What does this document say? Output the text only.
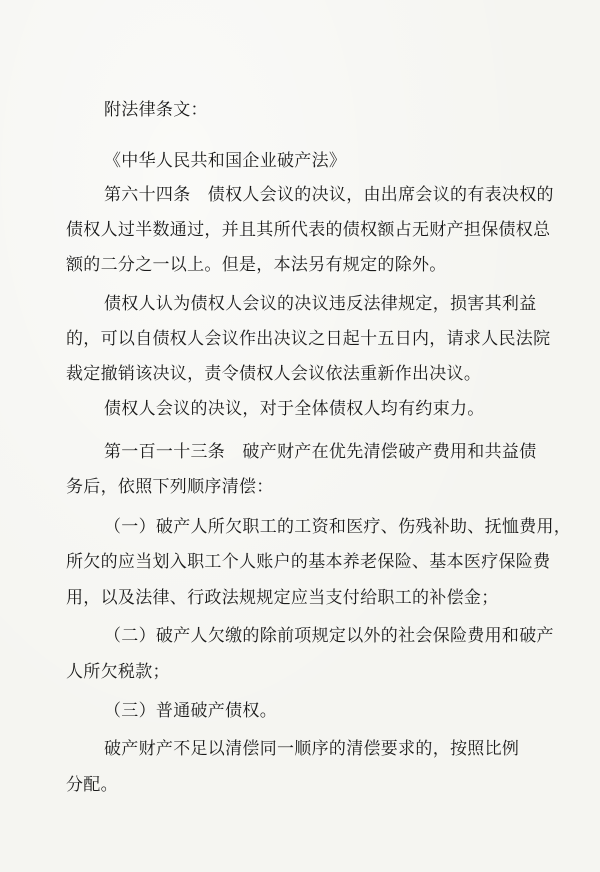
附法律条文：
《中华人民共和国企业破产法》
第六十四条　债权人会议的决议，由出席会议的有表决权的
债权人过半数通过，并且其所代表的债权额占无财产担保债权总
额的二分之一以上。但是，本法另有规定的除外。
债权人认为债权人会议的决议违反法律规定，损害其利益
的，可以自债权人会议作出决议之日起十五日内，请求人民法院
裁定撤销该决议，责令债权人会议依法重新作出决议。
债权人会议的决议，对于全体债权人均有约束力。
第一百一十三条　破产财产在优先清偿破产费用和共益债
务后，依照下列顺序清偿：
（一）破产人所欠职工的工资和医疗、伤残补助、抚恤费用，
所欠的应当划入职工个人账户的基本养老保险、基本医疗保险费
用，以及法律、行政法规规定应当支付给职工的补偿金；
（二）破产人欠缴的除前项规定以外的社会保险费用和破产
人所欠税款；
（三）普通破产债权。
破产财产不足以清偿同一顺序的清偿要求的，按照比例
分配。
